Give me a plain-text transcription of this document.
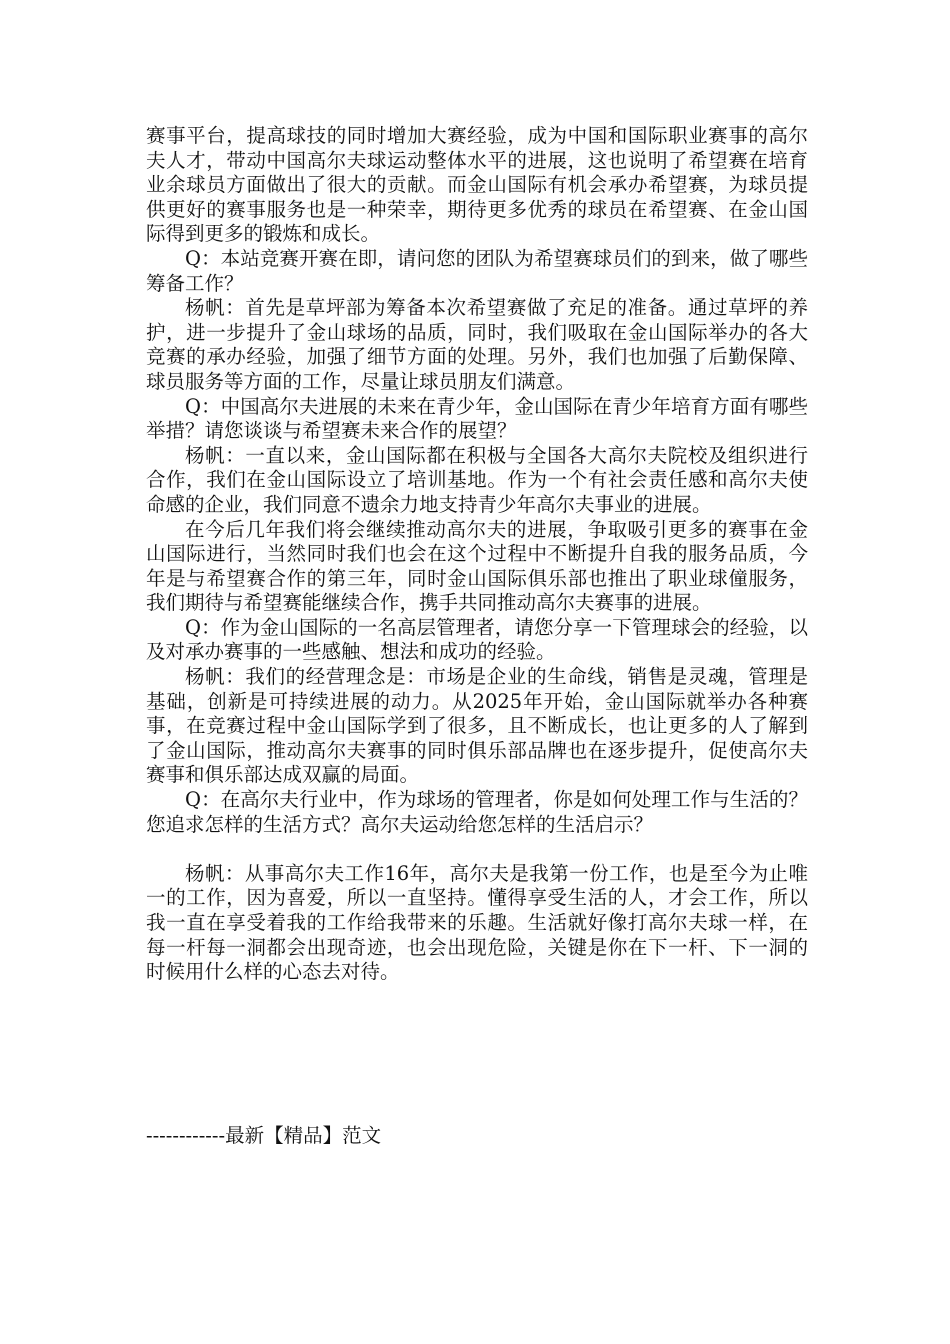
赛事平台，提高球技的同时增加大赛经验，成为中国和国际职业赛事的高尔夫人才，带动中国高尔夫球运动整体水平的进展，这也说明了希望赛在培育业余球员方面做出了很大的贡献。而金山国际有机会承办希望赛，为球员提供更好的赛事服务也是一种荣幸，期待更多优秀的球员在希望赛、在金山国际得到更多的锻炼和成长。

Q：本站竞赛开赛在即，请问您的团队为希望赛球员们的到来，做了哪些筹备工作？

杨帆：首先是草坪部为筹备本次希望赛做了充足的准备。通过草坪的养护，进一步提升了金山球场的品质，同时，我们吸取在金山国际举办的各大竞赛的承办经验，加强了细节方面的处理。另外，我们也加强了后勤保障、球员服务等方面的工作，尽量让球员朋友们满意。

Q：中国高尔夫进展的未来在青少年，金山国际在青少年培育方面有哪些举措？请您谈谈与希望赛未来合作的展望？

杨帆：一直以来，金山国际都在积极与全国各大高尔夫院校及组织进行合作，我们在金山国际设立了培训基地。作为一个有社会责任感和高尔夫使命感的企业，我们同意不遗余力地支持青少年高尔夫事业的进展。

在今后几年我们将会继续推动高尔夫的进展，争取吸引更多的赛事在金山国际进行，当然同时我们也会在这个过程中不断提升自我的服务品质，今年是与希望赛合作的第三年，同时金山国际俱乐部也推出了职业球僮服务，我们期待与希望赛能继续合作，携手共同推动高尔夫赛事的进展。

Q：作为金山国际的一名高层管理者，请您分享一下管理球会的经验，以及对承办赛事的一些感触、想法和成功的经验。

杨帆：我们的经营理念是：市场是企业的生命线，销售是灵魂，管理是基础，创新是可持续进展的动力。从2025年开始，金山国际就举办各种赛事，在竞赛过程中金山国际学到了很多，且不断成长，也让更多的人了解到了金山国际，推动高尔夫赛事的同时俱乐部品牌也在逐步提升，促使高尔夫赛事和俱乐部达成双赢的局面。

Q：在高尔夫行业中，作为球场的管理者，你是如何处理工作与生活的？您追求怎样的生活方式？高尔夫运动给您怎样的生活启示？

杨帆：从事高尔夫工作16年，高尔夫是我第一份工作，也是至今为止唯一的工作，因为喜爱，所以一直坚持。懂得享受生活的人，才会工作，所以我一直在享受着我的工作给我带来的乐趣。生活就好像打高尔夫球一样，在每一杆每一洞都会出现奇迹，也会出现危险，关键是你在下一杆、下一洞的时候用什么样的心态去对待。

------------最新【精品】范文
